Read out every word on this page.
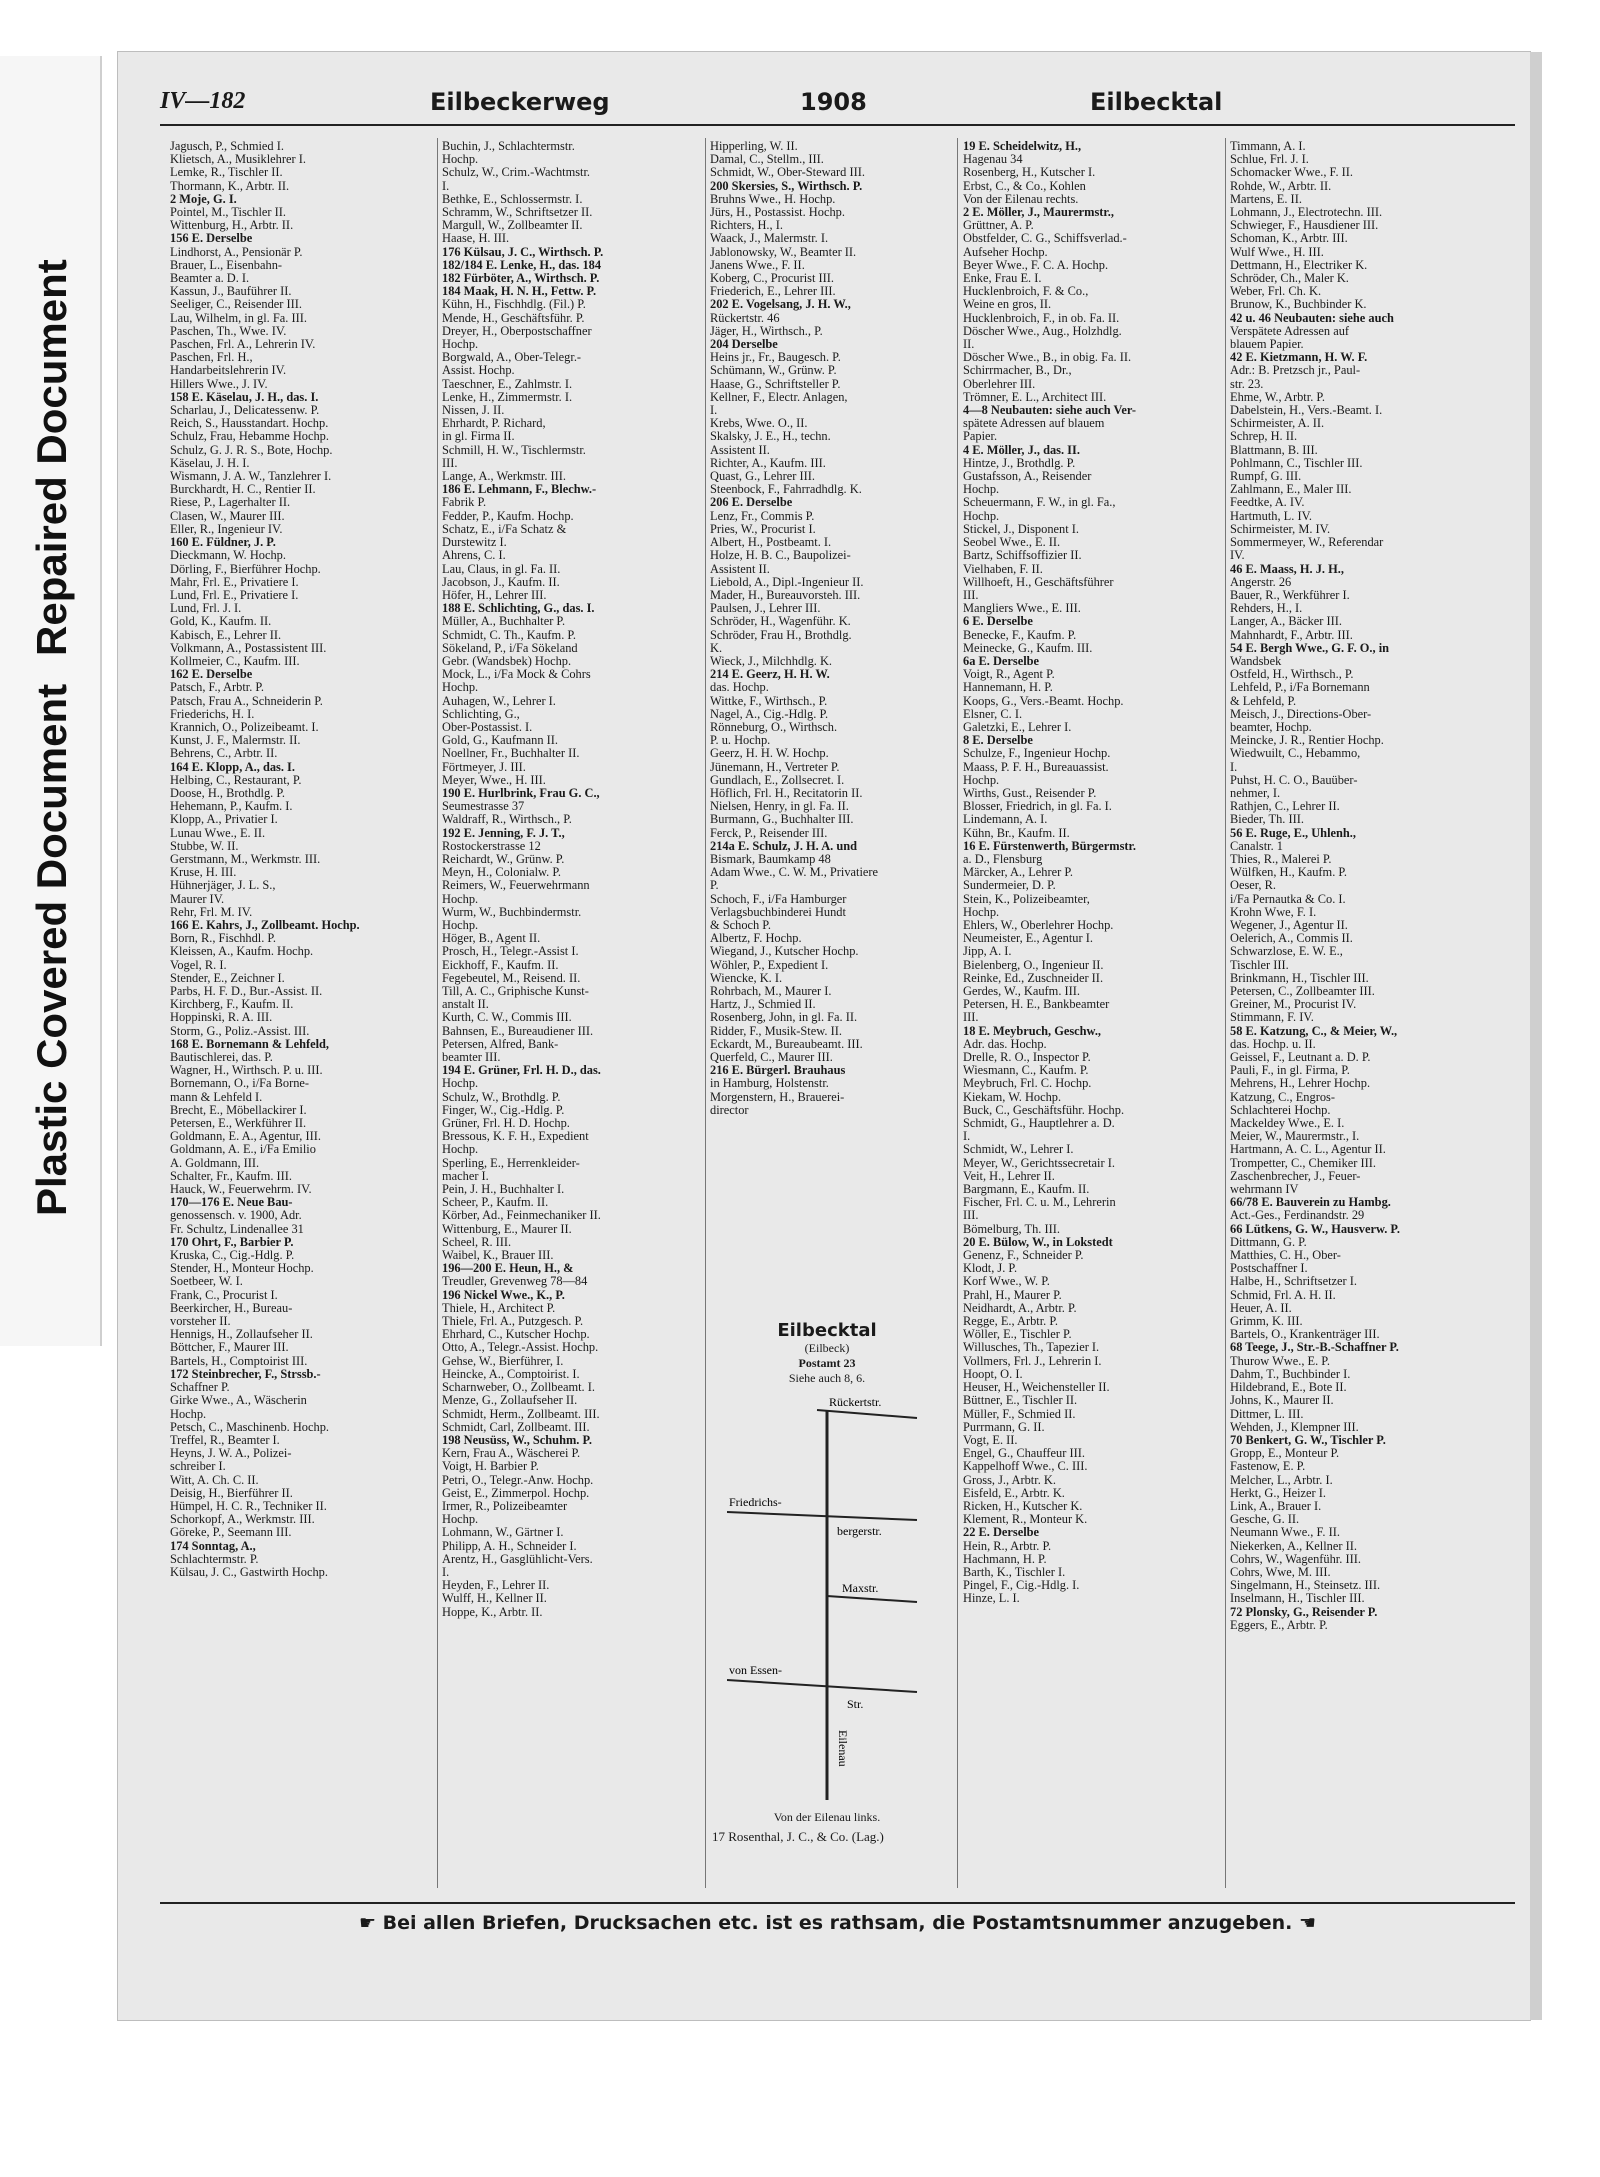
Plastic Covered Document
Repaired Document
IV—182	Eilbeckerweg	1908	Eilbecktal
Jagusch, P., Schmied I.
Klietsch, A., Musiklehrer I.
Lemke, R., Tischler II.
Thormann, K., Arbtr. II.
2 Moje, G. I.
Pointel, M., Tischler II.
Wittenburg, H., Arbtr. II.
156 E. Derselbe
Lindhorst, A., Pensionär P.
Brauer, L., Eisenbahn-
Beamter a. D. I.
Kassun, J., Bauführer II.
Seeliger, C., Reisender III.
Lau, Wilhelm, in gl. Fa. III.
Paschen, Th., Wwe. IV.
Paschen, Frl. A., Lehrerin IV.
Paschen, Frl. H.,
Handarbeitslehrerin IV.
Hillers Wwe., J. IV.
158 E. Käselau, J. H., das. I.
Scharlau, J., Delicatessenw. P.
Reich, S., Hausstandart. Hochp.
Schulz, Frau, Hebamme Hochp.
Schulz, G. J. R. S., Bote, Hochp.
Käselau, J. H. I.
Wismann, J. A. W., Tanzlehrer I.
Burckhardt, H. C., Rentier II.
Riese, P., Lagerhalter II.
Clasen, W., Maurer III.
Eller, R., Ingenieur IV.
160 E. Füldner, J. P.
Dieckmann, W. Hochp.
Dörling, F., Bierführer Hochp.
Mahr, Frl. E., Privatiere I.
Lund, Frl. E., Privatiere I.
Lund, Frl. J. I.
Gold, K., Kaufm. II.
Kabisch, E., Lehrer II.
Volkmann, A., Postassistent III.
Kollmeier, C., Kaufm. III.
162 E. Derselbe
Patsch, F., Arbtr. P.
Patsch, Frau A., Schneiderin P.
Friederichs, H. I.
Krannich, O., Polizeibeamt. I.
Kunst, J. F., Malermstr. II.
Behrens, C., Arbtr. II.
164 E. Klopp, A., das. I.
Helbing, C., Restaurant, P.
Doose, H., Brothdlg. P.
Hehemann, P., Kaufm. I.
Klopp, A., Privatier I.
Lunau Wwe., E. II.
Stubbe, W. II.
Gerstmann, M., Werkmstr. III.
Kruse, H. III.
Hühnerjäger, J. L. S.,
Maurer IV.
Rehr, Frl. M. IV.
166 E. Kahrs, J., Zollbeamt. Hochp.
Born, R., Fischhdl. P.
Kleissen, A., Kaufm. Hochp.
Vogel, R. I.
Stender, E., Zeichner I.
Parbs, H. F. D., Bur.-Assist. II.
Kirchberg, F., Kaufm. II.
Hoppinski, R. A. III.
Storm, G., Poliz.-Assist. III.
168 E. Bornemann & Lehfeld,
Bautischlerei, das. P.
Wagner, H., Wirthsch. P. u. III.
Bornemann, O., i/Fa Borne-
mann & Lehfeld I.
Brecht, E., Möbellackirer I.
Petersen, E., Werkführer II.
Goldmann, E. A., Agentur, III.
Goldmann, A. E., i/Fa Emilio
A. Goldmann, III.
Schalter, Fr., Kaufm. III.
Hauck, W., Feuerwehrm. IV.
170—176 E. Neue Bau-
genossensch. v. 1900, Adr.
Fr. Schultz, Lindenallee 31
170 Ohrt, F., Barbier P.
Kruska, C., Cig.-Hdlg. P.
Stender, H., Monteur Hochp.
Soetbeer, W. I.
Frank, C., Procurist I.
Beerkircher, H., Bureau-
vorsteher II.
Hennigs, H., Zollaufseher II.
Böttcher, F., Maurer III.
Bartels, H., Comptoirist III.
172 Steinbrecher, F., Strssb.-
Schaffner P.
Girke Wwe., A., Wäscherin
Hochp.
Petsch, C., Maschinenb. Hochp.
Treffel, R., Beamter I.
Heyns, J. W. A., Polizei-
schreiber I.
Witt, A. Ch. C. II.
Deisig, H., Bierführer II.
Hümpel, H. C. R., Techniker II.
Schorkopf, A., Werkmstr. III.
Göreke, P., Seemann III.
174 Sonntag, A.,
Schlachtermstr. P.
Külsau, J. C., Gastwirth Hochp.
Buchin, J., Schlachtermstr.
Hochp.
Schulz, W., Crim.-Wachtmstr.
I.
Bethke, E., Schlossermstr. I.
Schramm, W., Schriftsetzer II.
Margull, W., Zollbeamter II.
Haase, H. III.
176 Külsau, J. C., Wirthsch. P.
182/184 E. Lenke, H., das. 184
182 Fürböter, A., Wirthsch. P.
184 Maak, H. N. H., Fettw. P.
Kühn, H., Fischhdlg. (Fil.) P.
Mende, H., Geschäftsführ. P.
Dreyer, H., Oberpostschaffner
Hochp.
Borgwald, A., Ober-Telegr.-
Assist. Hochp.
Taeschner, E., Zahlmstr. I.
Lenke, H., Zimmermstr. I.
Nissen, J. II.
Ehrhardt, P. Richard,
in gl. Firma II.
Schmill, H. W., Tischlermstr.
III.
Lange, A., Werkmstr. III.
186 E. Lehmann, F., Blechw.-
Fabrik P.
Fedder, P., Kaufm. Hochp.
Schatz, E., i/Fa Schatz &
Durstewitz I.
Ahrens, C. I.
Lau, Claus, in gl. Fa. II.
Jacobson, J., Kaufm. II.
Höfer, H., Lehrer III.
188 E. Schlichting, G., das. I.
Müller, A., Buchhalter P.
Schmidt, C. Th., Kaufm. P.
Sökeland, P., i/Fa Sökeland
Gebr. (Wandsbek) Hochp.
Mock, L., i/Fa Mock & Cohrs
Hochp.
Auhagen, W., Lehrer I.
Schlichting, G.,
Ober-Postassist. I.
Gold, G., Kaufmann II.
Noellner, Fr., Buchhalter II.
Förtmeyer, J. III.
Meyer, Wwe., H. III.
190 E. Hurlbrink, Frau G. C.,
Seumestrasse 37
Waldraff, R., Wirthsch., P.
192 E. Jenning, F. J. T.,
Rostockerstrasse 12
Reichardt, W., Grünw. P.
Meyn, H., Colonialw. P.
Reimers, W., Feuerwehrmann
Hochp.
Wurm, W., Buchbindermstr.
Hochp.
Höger, B., Agent II.
Prosch, H., Telegr.-Assist I.
Eickhoff, F., Kaufm. II.
Fegebeutel, M., Reisend. II.
Till, A. C., Griphische Kunst-
anstalt II.
Kurth, C. W., Commis III.
Bahnsen, E., Bureaudiener III.
Petersen, Alfred, Bank-
beamter III.
194 E. Grüner, Frl. H. D., das.
Hochp.
Schulz, W., Brothdlg. P.
Finger, W., Cig.-Hdlg. P.
Grüner, Frl. H. D. Hochp.
Bressous, K. F. H., Expedient
Hochp.
Sperling, E., Herrenkleider-
macher I.
Pein, J. H., Buchhalter I.
Scheer, P., Kaufm. II.
Körber, Ad., Feinmechaniker II.
Wittenburg, E., Maurer II.
Scheel, R. III.
Waibel, K., Brauer III.
196—200 E. Heun, H., &
Treudler, Grevenweg 78—84
196 Nickel Wwe., K., P.
Thiele, H., Architect P.
Thiele, Frl. A., Putzgesch. P.
Ehrhard, C., Kutscher Hochp.
Otto, A., Telegr.-Assist. Hochp.
Gehse, W., Bierführer, I.
Heincke, A., Comptoirist. I.
Scharnweber, O., Zollbeamt. I.
Menze, G., Zollaufseher II.
Schmidt, Herm., Zollbeamt. III.
Schmidt, Carl, Zollbeamt. III.
198 Neusüss, W., Schuhm. P.
Kern, Frau A., Wäscherei P.
Voigt, H. Barbier P.
Petri, O., Telegr.-Anw. Hochp.
Geist, E., Zimmerpol. Hochp.
Irmer, R., Polizeibeamter
Hochp.
Lohmann, W., Gärtner I.
Philipp, A. H., Schneider I.
Arentz, H., Gasglühlicht-Vers.
I.
Heyden, F., Lehrer II.
Wulff, H., Kellner II.
Hoppe, K., Arbtr. II.
Hipperling, W. II.
Damal, C., Stellm., III.
Schmidt, W., Ober-Steward III.
200 Skersies, S., Wirthsch. P.
Bruhns Wwe., H. Hochp.
Jürs, H., Postassist. Hochp.
Richters, H., I.
Waack, J., Malermstr. I.
Jablonowsky, W., Beamter II.
Janens Wwe., F. II.
Koberg, C., Procurist III.
Friederich, E., Lehrer III.
202 E. Vogelsang, J. H. W.,
Rückertstr. 46
Jäger, H., Wirthsch., P.
204 Derselbe
Heins jr., Fr., Baugesch. P.
Schümann, W., Grünw. P.
Haase, G., Schriftsteller P.
Kellner, F., Electr. Anlagen,
I.
Krebs, Wwe. O., II.
Skalsky, J. E., H., techn.
Assistent II.
Richter, A., Kaufm. III.
Quast, G., Lehrer III.
Steenbock, F., Fahrradhdlg. K.
206 E. Derselbe
Lenz, Fr., Commis P.
Pries, W., Procurist I.
Albert, H., Postbeamt. I.
Holze, H. B. C., Baupolizei-
Assistent II.
Liebold, A., Dipl.-Ingenieur II.
Mader, H., Bureauvorsteh. III.
Paulsen, J., Lehrer III.
Schröder, H., Wagenführ. K.
Schröder, Frau H., Brothdlg.
K.
Wieck, J., Milchhdlg. K.
214 E. Geerz, H. H. W.
das. Hochp.
Wittke, F., Wirthsch., P.
Nagel, A., Cig.-Hdlg. P.
Rönneburg, O., Wirthsch.
P. u. Hochp.
Geerz, H. H. W. Hochp.
Jünemann, H., Vertreter P.
Gundlach, E., Zollsecret. I.
Höflich, Frl. H., Recitatorin II.
Nielsen, Henry, in gl. Fa. II.
Burmann, G., Buchhalter III.
Ferck, P., Reisender III.
214a E. Schulz, J. H. A. und
Bismark, Baumkamp 48
Adam Wwe., C. W. M., Privatiere
P.
Schoch, F., i/Fa Hamburger
Verlagsbuchbinderei Hundt
& Schoch P.
Albertz, F. Hochp.
Wiegand, J., Kutscher Hochp.
Wöhler, P., Expedient I.
Wiencke, K. I.
Rohrbach, M., Maurer I.
Hartz, J., Schmied II.
Rosenberg, John, in gl. Fa. II.
Ridder, F., Musik-Stew. II.
Eckardt, M., Bureaubeamt. III.
Querfeld, C., Maurer III.
216 E. Bürgerl. Brauhaus
in Hamburg, Holstenstr.
Morgenstern, H., Brauerei-
director
19 E. Scheidelwitz, H.,
Hagenau 34
Rosenberg, H., Kutscher I.
Erbst, C., & Co., Kohlen
Von der Eilenau rechts.
2 E. Möller, J., Maurermstr.,
Grüttner, A. P.
Obstfelder, C. G., Schiffsverlad.-
Aufseher Hochp.
Beyer Wwe., F. C. A. Hochp.
Enke, Frau E. I.
Hucklenbroich, F. & Co.,
Weine en gros, II.
Hucklenbroich, F., in ob. Fa. II.
Döscher Wwe., Aug., Holzhdlg.
II.
Döscher Wwe., B., in obig. Fa. II.
Schirrmacher, B., Dr.,
Oberlehrer III.
Trömner, E. L., Architect III.
4—8 Neubauten: siehe auch Ver-
spätete Adressen auf blauem
Papier.
4 E. Möller, J., das. II.
Hintze, J., Brothdlg. P.
Gustafsson, A., Reisender
Hochp.
Scheuermann, F. W., in gl. Fa.,
Hochp.
Stickel, J., Disponent I.
Seobel Wwe., E. II.
Bartz, Schiffsoffizier II.
Vielhaben, F. II.
Willhoeft, H., Geschäftsführer
III.
Mangliers Wwe., E. III.
6 E. Derselbe
Benecke, F., Kaufm. P.
Meinecke, G., Kaufm. III.
6a E. Derselbe
Voigt, R., Agent P.
Hannemann, H. P.
Koops, G., Vers.-Beamt. Hochp.
Elsner, C. I.
Galetzki, E., Lehrer I.
8 E. Derselbe
Schulze, F., Ingenieur Hochp.
Maass, P. F. H., Bureauassist.
Hochp.
Wirths, Gust., Reisender P.
Blosser, Friedrich, in gl. Fa. I.
Lindemann, A. I.
Kühn, Br., Kaufm. II.
16 E. Fürstenwerth, Bürgermstr.
a. D., Flensburg
Märcker, A., Lehrer P.
Sundermeier, D. P.
Stein, K., Polizeibeamter,
Hochp.
Ehlers, W., Oberlehrer Hochp.
Neumeister, E., Agentur I.
Jipp, A. I.
Bielenberg, O., Ingenieur II.
Reinke, Ed., Zuschneider II.
Gerdes, W., Kaufm. III.
Petersen, H. E., Bankbeamter
III.
18 E. Meybruch, Geschw.,
Adr. das. Hochp.
Drelle, R. O., Inspector P.
Wiesmann, C., Kaufm. P.
Meybruch, Frl. C. Hochp.
Kiekam, W. Hochp.
Buck, C., Geschäftsführ. Hochp.
Schmidt, G., Hauptlehrer a. D.
I.
Schmidt, W., Lehrer I.
Meyer, W., Gerichtssecretair I.
Veit, H., Lehrer II.
Bargmann, E., Kaufm. II.
Fischer, Frl. C. u. M., Lehrerin
III.
Bömelburg, Th. III.
20 E. Bülow, W., in Lokstedt
Genenz, F., Schneider P.
Klodt, J. P.
Korf Wwe., W. P.
Prahl, H., Maurer P.
Neidhardt, A., Arbtr. P.
Regge, E., Arbtr. P.
Wöller, E., Tischler P.
Willusches, Th., Tapezier I.
Vollmers, Frl. J., Lehrerin I.
Hoopt, O. I.
Heuser, H., Weichensteller II.
Büttner, E., Tischler II.
Müller, F., Schmied II.
Purrmann, G. II.
Vogt, E. II.
Engel, G., Chauffeur III.
Kappelhoff Wwe., C. III.
Gross, J., Arbtr. K.
Eisfeld, E., Arbtr. K.
Ricken, H., Kutscher K.
Klement, R., Monteur K.
22 E. Derselbe
Hein, R., Arbtr. P.
Hachmann, H. P.
Barth, K., Tischler I.
Pingel, F., Cig.-Hdlg. I.
Hinze, L. I.
Timmann, A. I.
Schlue, Frl. J. I.
Schomacker Wwe., F. II.
Rohde, W., Arbtr. II.
Martens, E. II.
Lohmann, J., Electrotechn. III.
Schwieger, F., Hausdiener III.
Schoman, K., Arbtr. III.
Wulf Wwe., H. III.
Dettmann, H., Electriker K.
Schröder, Ch., Maler K.
Weber, Frl. Ch. K.
Brunow, K., Buchbinder K.
42 u. 46 Neubauten: siehe auch
Verspätete Adressen auf
blauem Papier.
42 E. Kietzmann, H. W. F.
Adr.: B. Pretzsch jr., Paul-
str. 23.
Ehme, W., Arbtr. P.
Dabelstein, H., Vers.-Beamt. I.
Schirmeister, A. II.
Schrep, H. II.
Blattmann, B. III.
Pohlmann, C., Tischler III.
Rumpf, G. III.
Zahlmann, E., Maler III.
Feedtke, A. IV.
Hartmuth, L. IV.
Schirmeister, M. IV.
Sommermeyer, W., Referendar
IV.
46 E. Maass, H. J. H.,
Angerstr. 26
Bauer, R., Werkführer I.
Rehders, H., I.
Langer, A., Bäcker III.
Mahnhardt, F., Arbtr. III.
54 E. Bergh Wwe., G. F. O., in
Wandsbek
Ostfeld, H., Wirthsch., P.
Lehfeld, P., i/Fa Bornemann
& Lehfeld, P.
Meisch, J., Directions-Ober-
beamter, Hochp.
Meincke, J. R., Rentier Hochp.
Wiedwuilt, C., Hebammo,
I.
Puhst, H. C. O., Bauüber-
nehmer, I.
Rathjen, C., Lehrer II.
Bieder, Th. III.
56 E. Ruge, E., Uhlenh.,
Canalstr. 1
Thies, R., Malerei P.
Wülfken, H., Kaufm. P.
Oeser, R.
i/Fa Pernautka & Co. I.
Krohn Wwe, F. I.
Wegener, J., Agentur II.
Oelerich, A., Commis II.
Schwarzlose, E. W. E.,
Tischler III.
Brinkmann, H., Tischler III.
Petersen, C., Zollbeamter III.
Greiner, M., Procurist IV.
Stimmann, F. IV.
58 E. Katzung, C., & Meier, W.,
das. Hochp. u. II.
Geissel, F., Leutnant a. D. P.
Pauli, F., in gl. Firma, P.
Mehrens, H., Lehrer Hochp.
Katzung, C., Engros-
Schlachterei Hochp.
Mackeldey Wwe., E. I.
Meier, W., Maurermstr., I.
Hartmann, A. C. L., Agentur II.
Trompetter, C., Chemiker III.
Zaschenbrecher, J., Feuer-
wehrmann IV
66/78 E. Bauverein zu Hambg.
Act.-Ges., Ferdinandstr. 29
66 Lütkens, G. W., Hausverw. P.
Dittmann, G. P.
Matthies, C. H., Ober-
Postschaffner I.
Halbe, H., Schriftsetzer I.
Schmid, Frl. A. H. II.
Heuer, A. II.
Grimm, K. III.
Bartels, O., Krankenträger III.
68 Teege, J., Str.-B.-Schaffner P.
Thurow Wwe., E. P.
Dahm, T., Buchbinder I.
Hildebrand, E., Bote II.
Johns, K., Maurer II.
Dittmer, L. III.
Wehden, J., Klempner III.
70 Benkert, G. W., Tischler P.
Gropp, E., Monteur P.
Fastenow, E. P.
Melcher, L., Arbtr. I.
Herkt, G., Heizer I.
Link, A., Brauer I.
Gesche, G. II.
Neumann Wwe., F. II.
Niekerken, A., Kellner II.
Cohrs, W., Wagenführ. III.
Cohrs, Wwe, M. III.
Singelmann, H., Steinsetz. III.
Inselmann, H., Tischler III.
72 Plonsky, G., Reisender P.
Eggers, E., Arbtr. P.
Eilbecktal
(Eilbeck)
Postamt 23
Siehe auch 8, 6.
Rückertstr.
Friedrichs-
bergerstr.
Maxstr.
von Essen-
Str.
Eilenau
Von der Eilenau links.
17 Rosenthal, J. C., & Co. (Lag.)
☛ Bei allen Briefen, Drucksachen etc. ist es rathsam, die Postamtsnummer anzugeben. ☚
